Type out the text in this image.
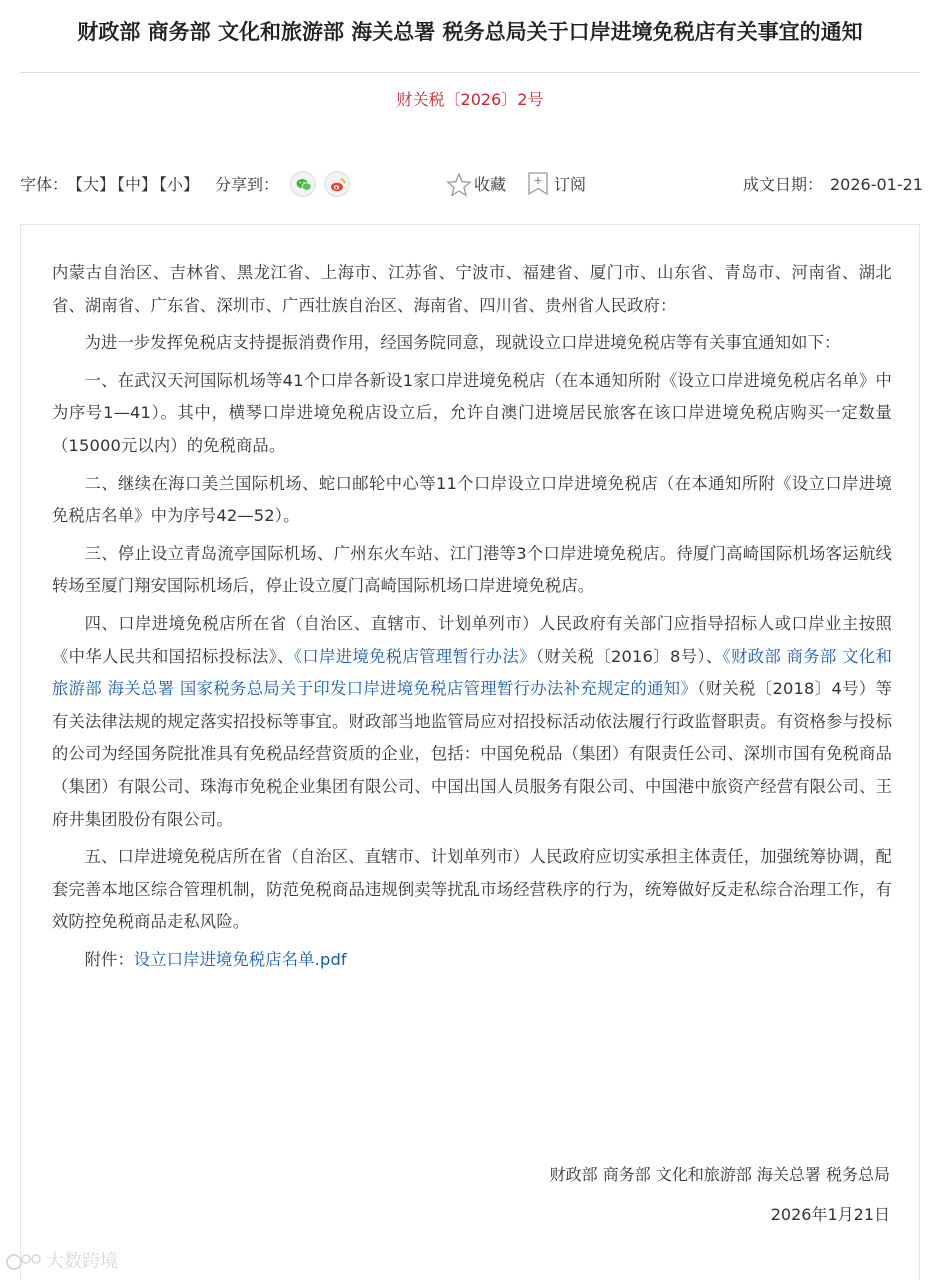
财政部 商务部 文化和旅游部 海关总署 税务总局关于口岸进境免税店有关事宜的通知
财关税〔2026〕2号
字体：
【大】
【中】
【小】 分享到：	收藏	订阅	成文日期： 2026-01-21

内蒙古自治区、吉林省、黑龙江省、上海市、江苏省、宁波市、福建省、厦门市、山东省、青岛市、河南省、湖北省、湖南省、广东省、深圳市、广西壮族自治区、海南省、四川省、贵州省人民政府：

为进一步发挥免税店支持提振消费作用，经国务院同意，现就设立口岸进境免税店等有关事宜通知如下：

一、在武汉天河国际机场等41个口岸各新设1家口岸进境免税店（在本通知所附《设立口岸进境免税店名单》中为序号1—41）。其中，横琴口岸进境免税店设立后，允许自澳门进境居民旅客在该口岸进境免税店购买一定数量（15000元以内）的免税商品。

二、继续在海口美兰国际机场、蛇口邮轮中心等11个口岸设立口岸进境免税店（在本通知所附《设立口岸进境免税店名单》中为序号42—52）。

三、停止设立青岛流亭国际机场、广州东火车站、江门港等3个口岸进境免税店。待厦门高崎国际机场客运航线转场至厦门翔安国际机场后，停止设立厦门高崎国际机场口岸进境免税店。

四、口岸进境免税店所在省（自治区、直辖市、计划单列市）人民政府有关部门应指导招标人或口岸业主按照《中华人民共和国招标投标法》、《口岸进境免税店管理暂行办法》（财关税〔2016〕8号）、《财政部 商务部 文化和旅游部 海关总署 国家税务总局关于印发口岸进境免税店管理暂行办法补充规定的通知》（财关税〔2018〕4号）等有关法律法规的规定落实招投标等事宜。财政部当地监管局应对招投标活动依法履行行政监督职责。有资格参与投标的公司为经国务院批准具有免税品经营资质的企业，包括：中国免税品（集团）有限责任公司、深圳市国有免税商品（集团）有限公司、珠海市免税企业集团有限公司、中国出国人员服务有限公司、中国港中旅资产经营有限公司、王府井集团股份有限公司。

五、口岸进境免税店所在省（自治区、直辖市、计划单列市）人民政府应切实承担主体责任，加强统筹协调，配套完善本地区综合管理机制，防范免税商品违规倒卖等扰乱市场经营秩序的行为，统筹做好反走私综合治理工作，有效防控免税商品走私风险。

附件：设立口岸进境免税店名单.pdf

财政部 商务部 文化和旅游部 海关总署 税务总局
2026年1月21日
大数跨境
